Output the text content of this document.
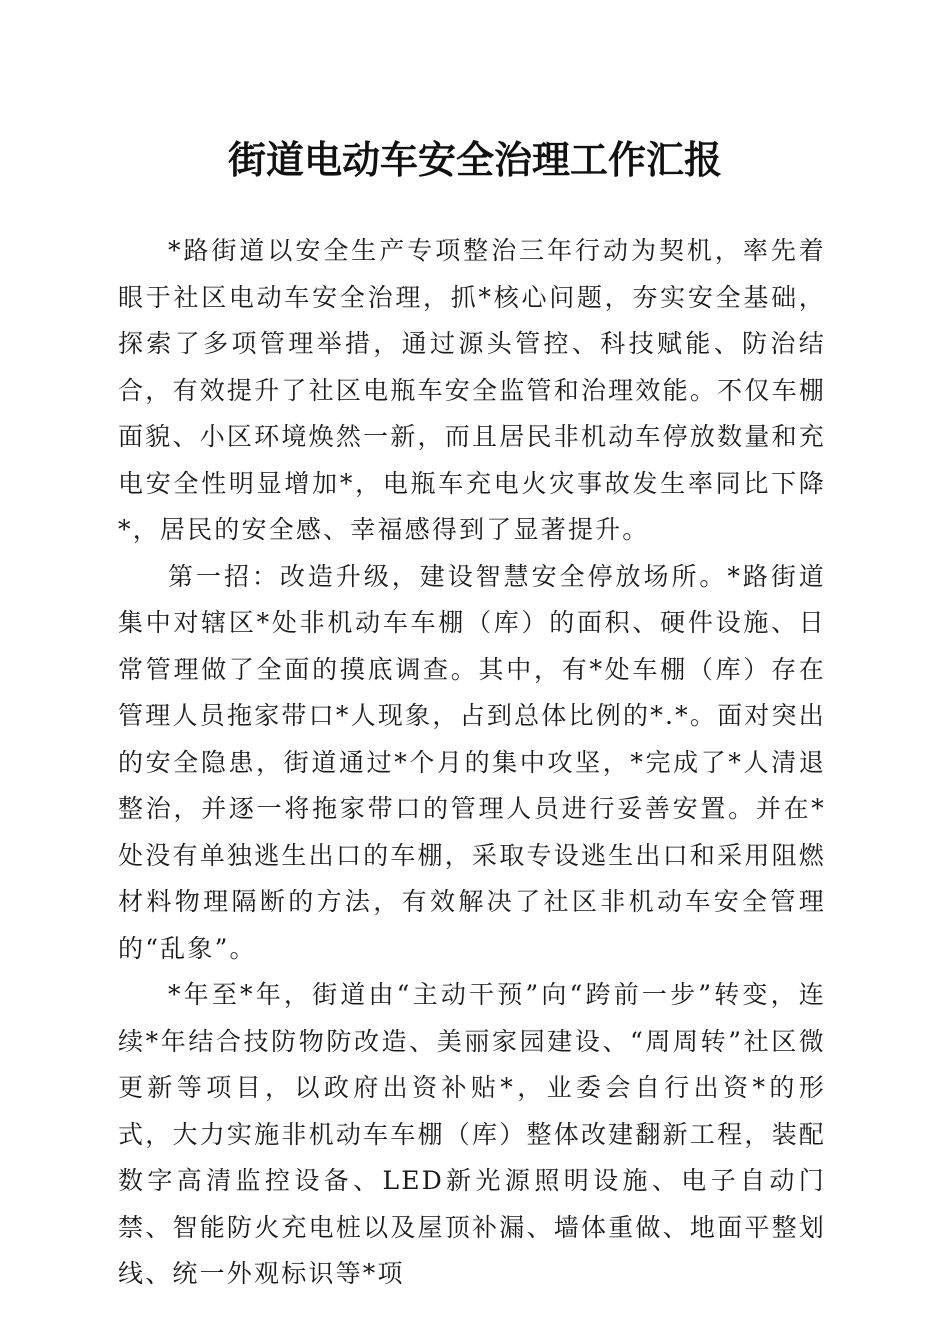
街道电动车安全治理工作汇报

*路街道以安全生产专项整治三年行动为契机，率先着眼于社区电动车安全治理，抓*核心问题，夯实安全基础，探索了多项管理举措，通过源头管控、科技赋能、防治结合，有效提升了社区电瓶车安全监管和治理效能。不仅车棚面貌、小区环境焕然一新，而且居民非机动车停放数量和充电安全性明显增加*，电瓶车充电火灾事故发生率同比下降*，居民的安全感、幸福感得到了显著提升。

第一招：改造升级，建设智慧安全停放场所。*路街道集中对辖区*处非机动车车棚（库）的面积、硬件设施、日常管理做了全面的摸底调查。其中，有*处车棚（库）存在管理人员拖家带口*人现象，占到总体比例的*.*。面对突出的安全隐患，街道通过*个月的集中攻坚，*完成了*人清退整治，并逐一将拖家带口的管理人员进行妥善安置。并在*处没有单独逃生出口的车棚，采取专设逃生出口和采用阻燃材料物理隔断的方法，有效解决了社区非机动车安全管理的“乱象”。

*年至*年，街道由“主动干预”向“跨前一步”转变，连续*年结合技防物防改造、美丽家园建设、“周周转”社区微更新等项目，以政府出资补贴*，业委会自行出资*的形式，大力实施非机动车车棚（库）整体改建翻新工程，装配数字高清监控设备、LED新光源照明设施、电子自动门禁、智能防火充电桩以及屋顶补漏、墙体重做、地面平整划线、统一外观标识等*项
